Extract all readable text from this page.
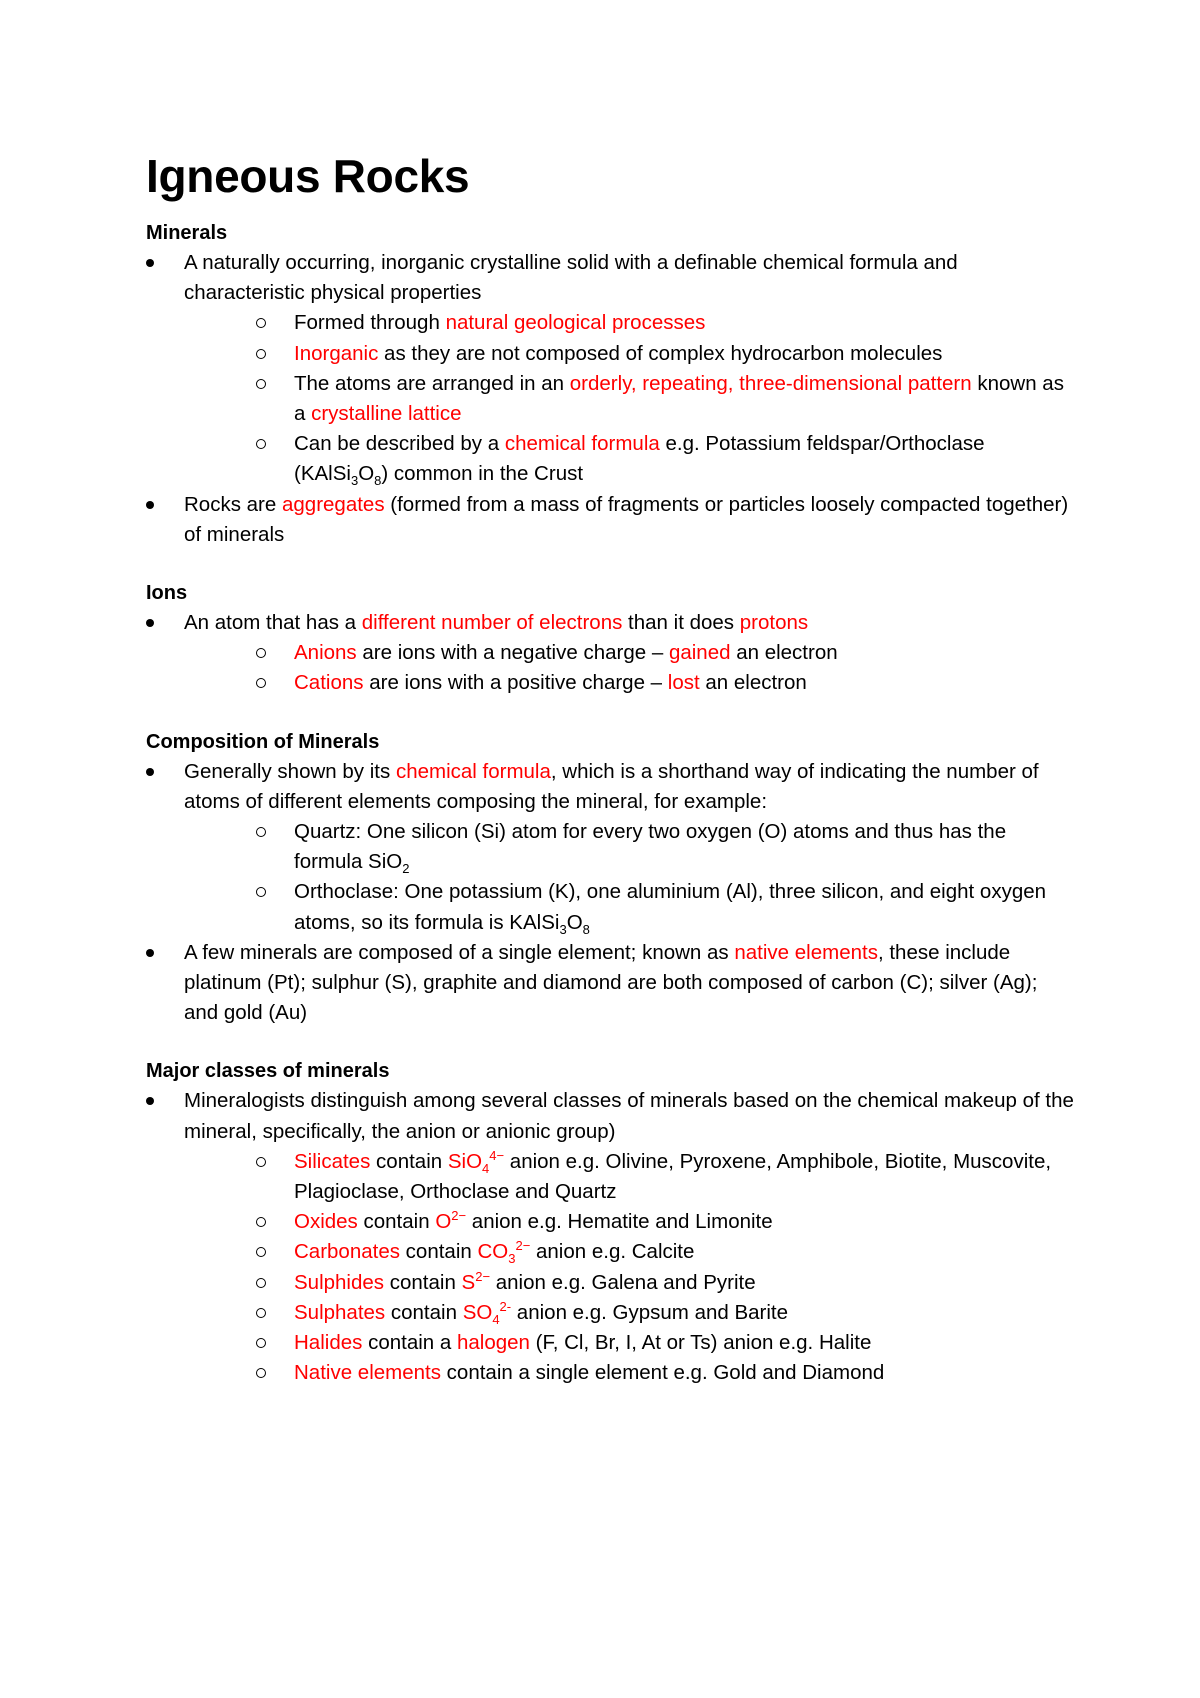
Igneous Rocks
Minerals
A naturally occurring, inorganic crystalline solid with a definable chemical formula and characteristic physical properties
Formed through natural geological processes
Inorganic as they are not composed of complex hydrocarbon molecules
The atoms are arranged in an orderly, repeating, three-dimensional pattern known as a crystalline lattice
Can be described by a chemical formula e.g. Potassium feldspar/Orthoclase $(KAlSi_3O_8)$ common in the Crust
Rocks are aggregates (formed from a mass of fragments or particles loosely compacted together) of minerals
Ions
An atom that has a different number of electrons than it does protons
Anions are ions with a negative charge – gained an electron
Cations are ions with a positive charge – lost an electron
Composition of Minerals
Generally shown by its chemical formula, which is a shorthand way of indicating the number of atoms of different elements composing the mineral, for example:
Quartz: One silicon (Si) atom for every two oxygen (O) atoms and thus has the formula SiO$_2$
Orthoclase: One potassium (K), one aluminium (Al), three silicon, and eight oxygen atoms, so its formula is $KAlSi_3O_8$
A few minerals are composed of a single element; known as native elements, these include platinum (Pt); sulphur (S), graphite and diamond are both composed of carbon (C); silver (Ag); and gold (Au)
Major classes of minerals
Mineralogists distinguish among several classes of minerals based on the chemical makeup of the mineral, specifically, the anion or anionic group)
Silicates contain SiO$_4^{4-}$ anion e.g. Olivine, Pyroxene, Amphibole, Biotite, Muscovite, Plagioclase, Orthoclase and Quartz
Oxides contain $O^{2-}$ anion e.g. Hematite and Limonite
Carbonates contain $CO_3^{2-}$ anion e.g. Calcite
Sulphides contain $S^{2-}$ anion e.g. Galena and Pyrite
Sulphates contain $SO_4^{2-}$ anion e.g. Gypsum and Barite
Halides contain a halogen (F, Cl, Br, I, At or Ts) anion e.g. Halite
Native elements contain a single element e.g. Gold and Diamond
